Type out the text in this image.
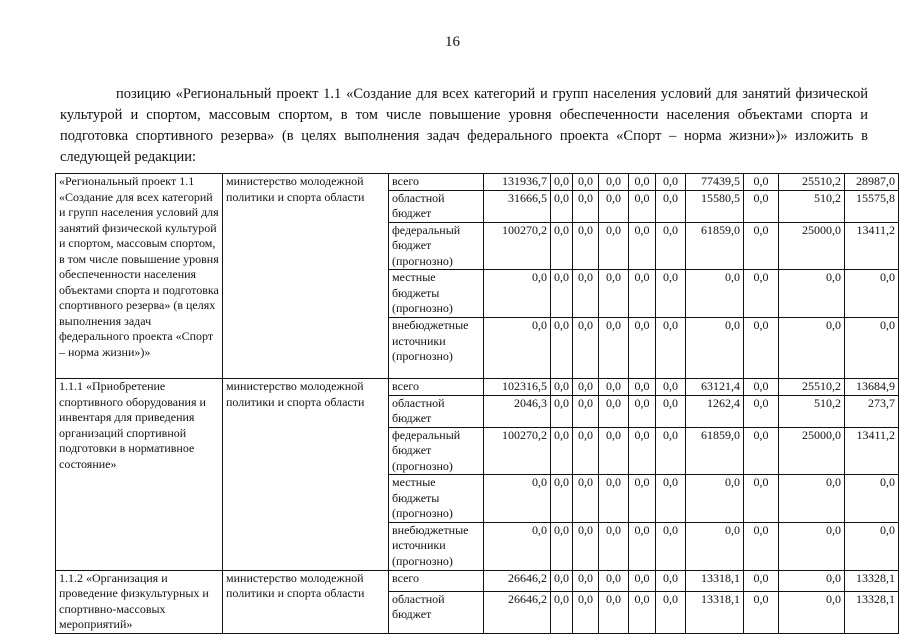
16

позицию «Региональный проект 1.1 «Создание для всех категорий и групп населения условий для занятий физической культурой и спортом, массовым спортом, в том числе повышение уровня обеспеченности населения объектами спорта и подготовка спортивного резерва» (в целях выполнения задач федерального проекта «Спорт – норма жизни»)» изложить в следующей редакции:

«Региональный проект 1.1 «Создание для всех категорий и групп населения условий для занятий физической культурой и спортом, массовым спортом, в том числе повышение уровня обеспеченности населения объектами спорта и подготовка спортивного резерва» (в целях выполнения задач федерального проекта «Спорт – норма жизни»)»	министерство молодежной политики и спорта области	всего	131936,7	0,0	0,0	0,0	0,0	0,0	77439,5	0,0	25510,2	28987,0
		областной бюджет	31666,5	0,0	0,0	0,0	0,0	0,0	15580,5	0,0	510,2	15575,8
		федеральный бюджет (прогнозно)	100270,2	0,0	0,0	0,0	0,0	0,0	61859,0	0,0	25000,0	13411,2
		местные бюджеты (прогнозно)	0,0	0,0	0,0	0,0	0,0	0,0	0,0	0,0	0,0	0,0
		внебюджетные источники (прогнозно)	0,0	0,0	0,0	0,0	0,0	0,0	0,0	0,0	0,0	0,0
1.1.1 «Приобретение спортивного оборудования и инвентаря для приведения организаций спортивной подготовки в нормативное состояние»	министерство молодежной политики и спорта области	всего	102316,5	0,0	0,0	0,0	0,0	0,0	63121,4	0,0	25510,2	13684,9
		областной бюджет	2046,3	0,0	0,0	0,0	0,0	0,0	1262,4	0,0	510,2	273,7
		федеральный бюджет (прогнозно)	100270,2	0,0	0,0	0,0	0,0	0,0	61859,0	0,0	25000,0	13411,2
		местные бюджеты (прогнозно)	0,0	0,0	0,0	0,0	0,0	0,0	0,0	0,0	0,0	0,0
		внебюджетные источники (прогнозно)	0,0	0,0	0,0	0,0	0,0	0,0	0,0	0,0	0,0	0,0
1.1.2 «Организация и проведение физкультурных и спортивно-массовых мероприятий»	министерство молодежной политики и спорта области	всего	26646,2	0,0	0,0	0,0	0,0	0,0	13318,1	0,0	0,0	13328,1
		областной бюджет	26646,2	0,0	0,0	0,0	0,0	0,0	13318,1	0,0	0,0	13328,1
